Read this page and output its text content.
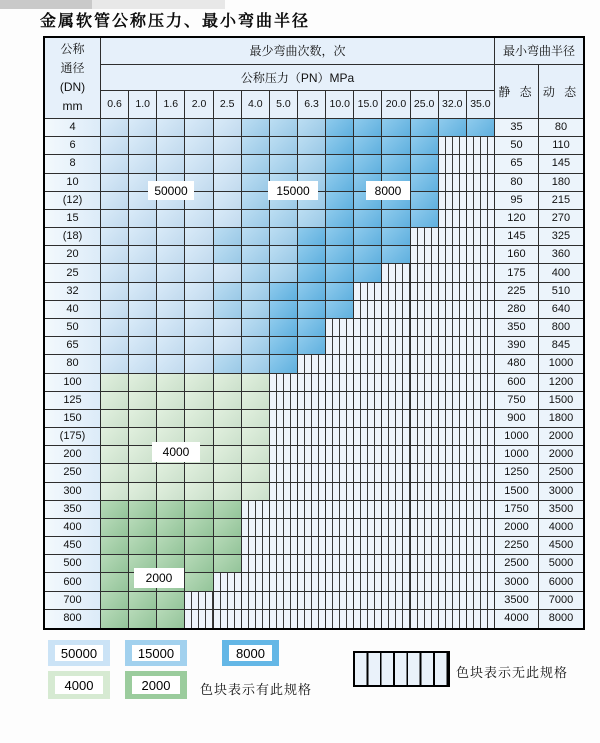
金属软管公称压力、最小弯曲半径
公称
通径
(DN)
mm
最少弯曲次数，次	最小弯曲半径
公称压力（PN）MPa
静 态 动 态
0.6	1.0	1.6	2.0	2.5	4.0	5.0	6.3	10.0 15.0 20.0 25.0 32.0 35.0
4	35	80
6	50	110
8	65	145
10	80	180
(12)	95	215
15	120	270
(18)	145	325
20	160	360
25	175	400
32	225	510
40	280	640
50	350	800
65	390	845
80	480	1000
100	600	1200
125	750	1500
150	900	1800
(175)	1000	2000
200	1000	2000
250	1250	2500
300	1500	3000
350	1750	3500
400	2000	4000
450	2250	4500
500	2500	5000
600	3000	6000
700	3500	7000
800	4000	8000
50000	15000	8000
4000
2000
色块表示有此规格
色块表示无此规格
50000	15000	8000
4000	2000
